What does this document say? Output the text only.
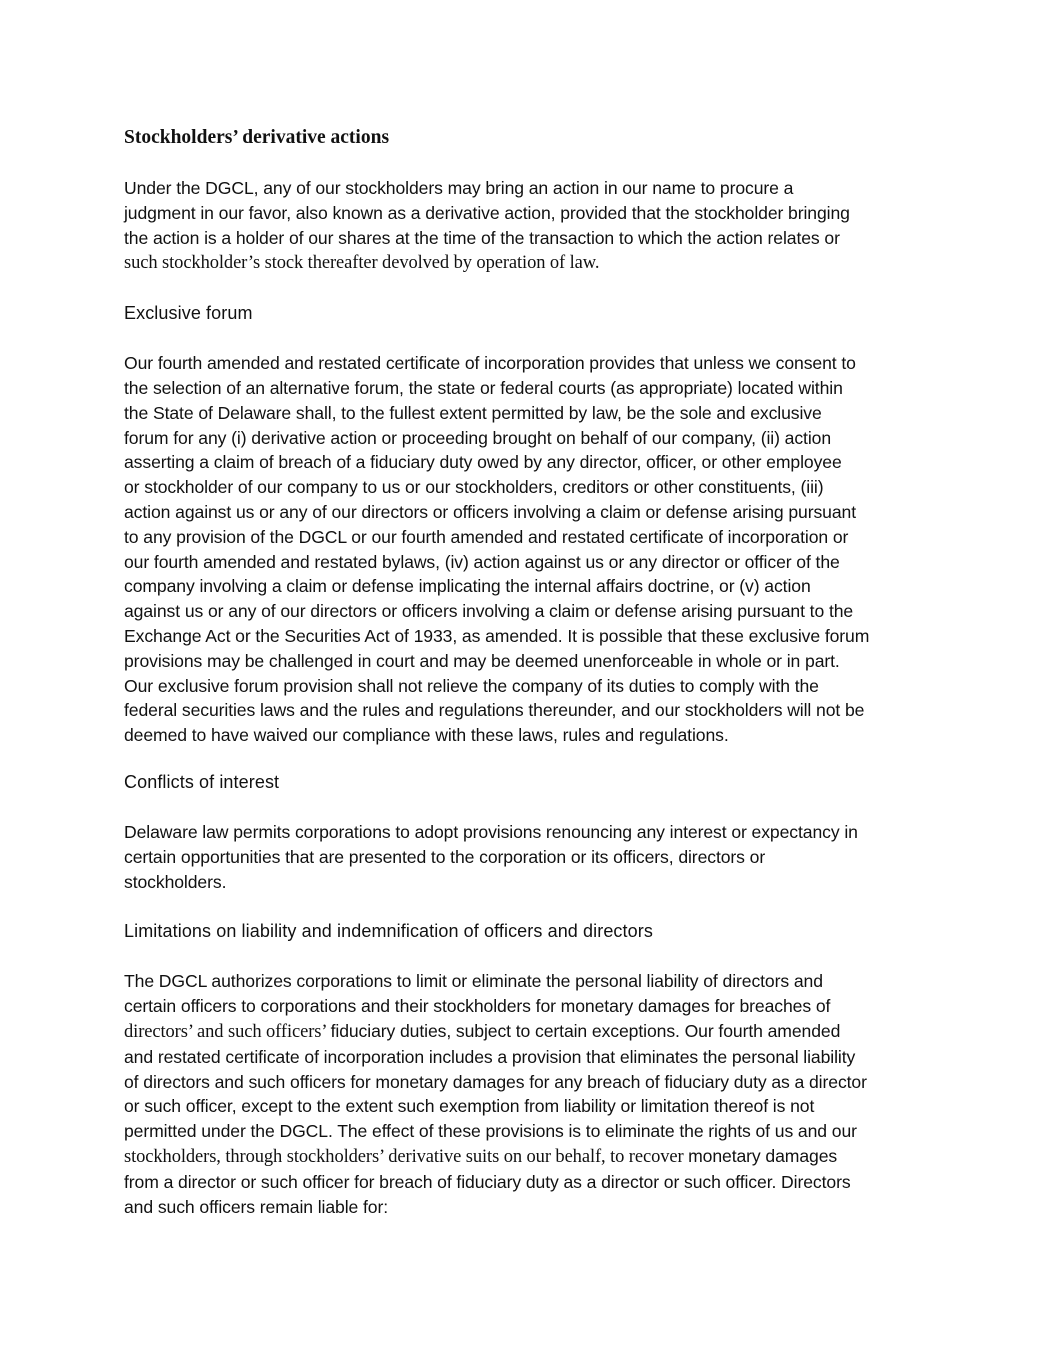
Stockholders’ derivative actions

Under the DGCL, any of our stockholders may bring an action in our name to procure a
judgment in our favor, also known as a derivative action, provided that the stockholder bringing
the action is a holder of our shares at the time of the transaction to which the action relates or
such stockholder’s stock thereafter devolved by operation of law.

Exclusive forum

Our fourth amended and restated certificate of incorporation provides that unless we consent to
the selection of an alternative forum, the state or federal courts (as appropriate) located within
the State of Delaware shall, to the fullest extent permitted by law, be the sole and exclusive
forum for any (i) derivative action or proceeding brought on behalf of our company, (ii) action
asserting a claim of breach of a fiduciary duty owed by any director, officer, or other employee
or stockholder of our company to us or our stockholders, creditors or other constituents, (iii)
action against us or any of our directors or officers involving a claim or defense arising pursuant
to any provision of the DGCL or our fourth amended and restated certificate of incorporation or
our fourth amended and restated bylaws, (iv) action against us or any director or officer of the
company involving a claim or defense implicating the internal affairs doctrine, or (v) action
against us or any of our directors or officers involving a claim or defense arising pursuant to the
Exchange Act or the Securities Act of 1933, as amended. It is possible that these exclusive forum
provisions may be challenged in court and may be deemed unenforceable in whole or in part.
Our exclusive forum provision shall not relieve the company of its duties to comply with the
federal securities laws and the rules and regulations thereunder, and our stockholders will not be
deemed to have waived our compliance with these laws, rules and regulations.

Conflicts of interest

Delaware law permits corporations to adopt provisions renouncing any interest or expectancy in
certain opportunities that are presented to the corporation or its officers, directors or
stockholders.

Limitations on liability and indemnification of officers and directors

The DGCL authorizes corporations to limit or eliminate the personal liability of directors and
certain officers to corporations and their stockholders for monetary damages for breaches of
directors’ and such officers’ fiduciary duties, subject to certain exceptions. Our fourth amended
and restated certificate of incorporation includes a provision that eliminates the personal liability
of directors and such officers for monetary damages for any breach of fiduciary duty as a director
or such officer, except to the extent such exemption from liability or limitation thereof is not
permitted under the DGCL. The effect of these provisions is to eliminate the rights of us and our
stockholders, through stockholders’ derivative suits on our behalf, to recover monetary damages
from a director or such officer for breach of fiduciary duty as a director or such officer. Directors
and such officers remain liable for:
